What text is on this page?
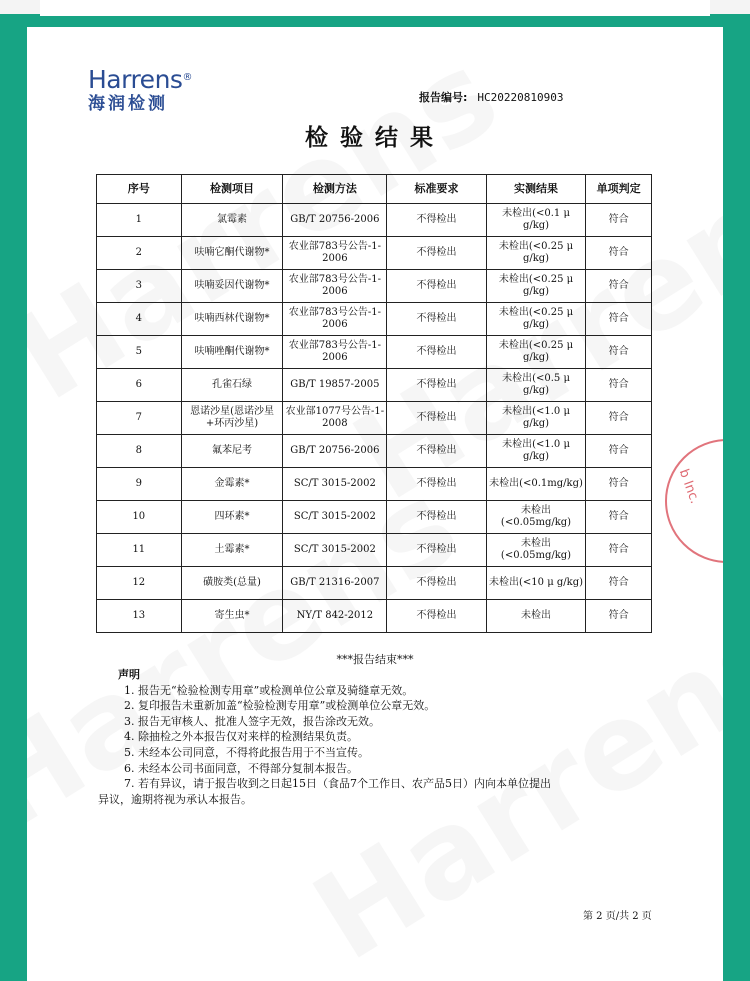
Harrens®
海润检测	报告编号: HC20220810903
检验结果
序号	检测项目	检测方法	标准要求	实测结果	单项判定
1	氯霉素	GB/T 20756-2006	不得检出	未检出(<0.1 μ g/kg)	符合
2	呋喃它酮代谢物*	农业部783号公告-1-2006	不得检出	未检出(<0.25 μ g/kg)	符合
3	呋喃妥因代谢物*	农业部783号公告-1-2006	不得检出	未检出(<0.25 μ g/kg)	符合
4	呋喃西林代谢物*	农业部783号公告-1-2006	不得检出	未检出(<0.25 μ g/kg)	符合
5	呋喃唑酮代谢物*	农业部783号公告-1-2006	不得检出	未检出(<0.25 μ g/kg)	符合
6	孔雀石绿	GB/T 19857-2005	不得检出	未检出(<0.5 μ g/kg)	符合
7	恩诺沙星(恩诺沙星+环丙沙星)	农业部1077号公告-1-2008	不得检出	未检出(<1.0 μ g/kg)	符合
8	氟苯尼考	GB/T 20756-2006	不得检出	未检出(<1.0 μ g/kg)	符合
9	金霉素*	SC/T 3015-2002	不得检出	未检出(<0.1mg/kg)	符合
10	四环素*	SC/T 3015-2002	不得检出	未检出(<0.05mg/kg)	符合
11	土霉素*	SC/T 3015-2002	不得检出	未检出(<0.05mg/kg)	符合
12	磺胺类(总量)	GB/T 21316-2007	不得检出	未检出(<10 μ g/kg)	符合
13	寄生虫*	NY/T 842-2012	不得检出	未检出	符合
***报告结束***
声明
1. 报告无“检验检测专用章”或检测单位公章及骑缝章无效。
2. 复印报告未重新加盖“检验检测专用章”或检测单位公章无效。
3. 报告无审核人、批准人签字无效，报告涂改无效。
4. 除抽检之外本报告仅对来样的检测结果负责。
5. 未经本公司同意，不得将此报告用于不当宣传。
6. 未经本公司书面同意，不得部分复制本报告。
7. 若有异议，请于报告收到之日起15日（食品7个工作日、农产品5日）内向本单位提出
异议，逾期将视为承认本报告。
第 2 页/共 2 页
b Inc.
